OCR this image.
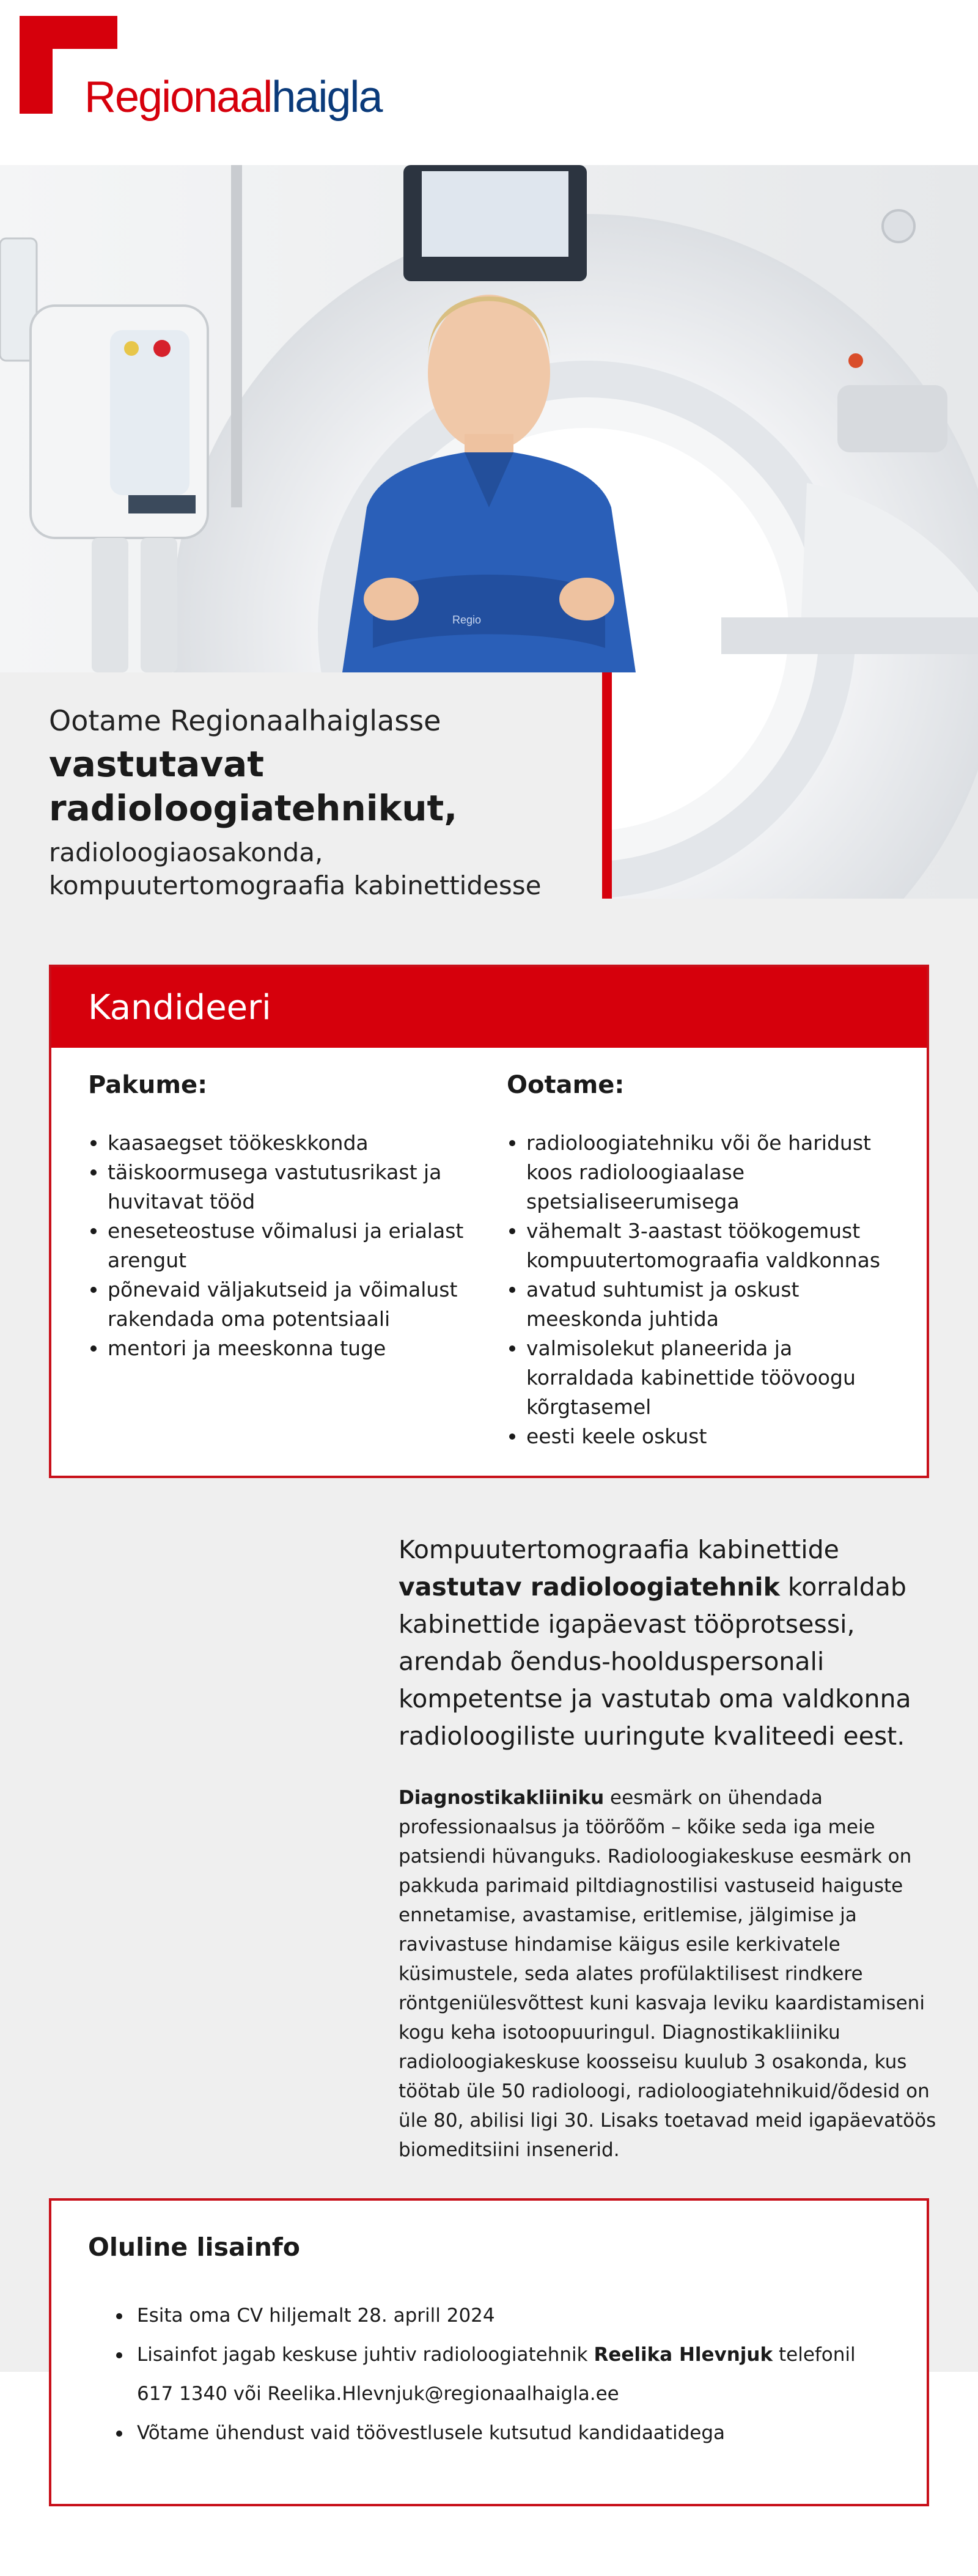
Regionaalhaigla
Regio
Ootame Regionaalhaiglasse
vastutavat
radioloogiatehnikut,
radioloogiaosakonda,
kompuutertomograafia kabinettidesse
Kandideeri
Pakume:
kaasaegset töökeskkonda
täiskoormusega vastutusrikast ja huvitavat tööd
eneseteostuse võimalusi ja erialast arengut
põnevaid väljakutseid ja võimalust rakendada oma potentsiaali
mentori ja meeskonna tuge
Ootame:
radioloogiatehniku või õe haridust koos radioloogiaalase spetsialiseerumisega
vähemalt 3-aastast töökogemust kompuutertomograafia valdkonnas
avatud suhtumist ja oskust meeskonda juhtida
valmisolekut planeerida ja korraldada kabinettide töövoogu kõrgtasemel
eesti keele oskust

Kompuutertomograafia kabinettide vastutav radioloogiatehnik korraldab kabinettide igapäevast tööprotsessi, arendab õendus-hoolduspersonali kompetentse ja vastutab oma valdkonna radioloogiliste uuringute kvaliteedi eest.

Diagnostikakliiniku eesmärk on ühendada professionaalsus ja töörõõm – kõike seda iga meie patsiendi hüvanguks. Radioloogiakeskuse eesmärk on pakkuda parimaid piltdiagnostilisi vastuseid haiguste ennetamise, avastamise, eritlemise, jälgimise ja ravivastuse hindamise käigus esile kerkivatele küsimustele, seda alates profülaktilisest rindkere röntgeniülesvõttest kuni kasvaja leviku kaardistamiseni kogu keha isotoopuuringul. Diagnostikakliiniku radioloogiakeskuse koosseisu kuulub 3 osakonda, kus töötab üle 50 radioloogi, radioloogiatehnikuid/õdesid on üle 80, abilisi ligi 30. Lisaks toetavad meid igapäevatöös biomeditsiini insenerid.

Oluline lisainfo
Esita oma CV hiljemalt 28. aprill 2024
Lisainfot jagab keskuse juhtiv radioloogiatehnik Reelika Hlevnjuk telefonil 617 1340 või Reelika.Hlevnjuk@regionaalhaigla.ee
Võtame ühendust vaid töövestlusele kutsutud kandidaatidega
